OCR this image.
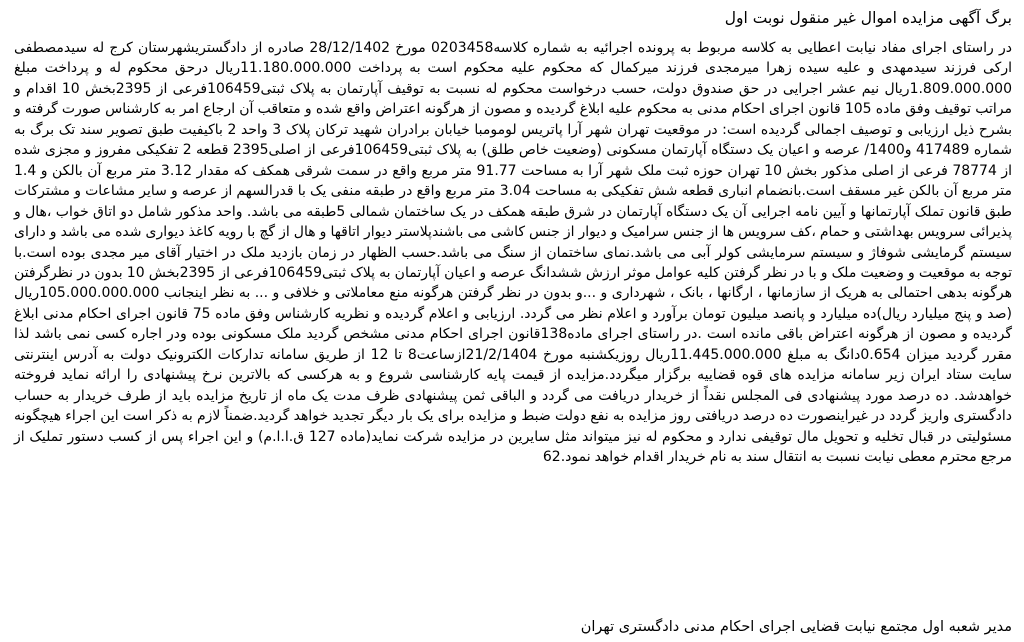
برگ آگهی مزایده اموال غیر منقول نوبت اول

در راستای اجرای مفاد نیابت اعطایی به کلاسه مربوط به پرونده اجرائیه به شماره کلاسه0203458 مورخ 28/12/1402 صادره از دادگستریشهرستان کرج له سیدمصطفی ارکی فرزند سیدمهدی و علیه سیده زهرا میرمجدی فرزند میرکمال که محکوم علیه محکوم است به پرداخت 11.180.000.000ریال درحق محکوم له و پرداخت مبلغ 1.809.000.000ریال نیم عشر اجرایی در حق صندوق دولت، حسب درخواست محکوم له نسبت به توقیف آپارتمان به پلاک ثبتی106459فرعی از 2395بخش 10 اقدام و مراتب توقیف وفق ماده 105 قانون اجرای احکام مدنی به محکوم علیه ابلاغ گردیده و مصون از هرگونه اعتراض واقع شده و متعاقب آن ارجاع امر به کارشناس صورت گرفته و بشرح ذیل ارزیابی و توصیف اجمالی گردیده است: در موقعیت تهران شهر آرا پاتریس لومومبا خیابان برادران شهید ترکان پلاک 3 واحد 2 باکیفیت طبق تصویر سند تک برگ به شماره 417489 و1400/ عرصه و اعیان یک دستگاه آپارتمان مسکونی (وضعیت خاص طلق) به پلاک ثبتی106459فرعی از اصلی2395 قطعه 2 تفکیکی مفروز و مجزی شده از 78774 فرعی از اصلی مذکور بخش 10 تهران حوزه ثبت ملک شهر آرا به مساحت 91.77 متر مربع واقع در سمت شرقی همکف که مقدار 3.12 متر مربع آن بالکن و 1.4 متر مربع آن بالکن غیر مسقف است.بانضمام انباری قطعه شش تفکیکی به مساحت 3.04 متر مربع واقع در طبقه منفی یک با قدرالسهم از عرصه و سایر مشاعات و مشترکات طبق قانون تملک آپارتمانها و آیین نامه اجرایی آن یک دستگاه آپارتمان در شرق طبقه همکف در یک ساختمان شمالی 5طبقه می باشد. واحد مذکور شامل دو اتاق خواب ،هال و پذیرائی سرویس بهداشتی و حمام ،کف سرویس ها از جنس سرامیک و دیوار از جنس کاشی می باشندپلاستر دیوار اتاقها و هال از گچ با رویه کاغذ دیواری شده می باشد و دارای سیستم گرمایشی شوفاژ و سیستم سرمایشی کولر آبی می باشد.نمای ساختمان از سنگ می باشد.حسب الظهار در زمان بازدید ملک در اختیار آقای میر مجدی بوده است.با توجه به موقعیت و وضعیت ملک و با در نظر گرفتن کلیه عوامل موثر ارزش ششدانگ عرصه و اعیان آپارتمان به پلاک ثبتی106459فرعی از 2395بخش 10 بدون در نظرگرفتن هرگونه بدهی احتمالی به هریک از سازمانها ، ارگانها ، بانک ، شهرداری و ...و بدون در نظر گرفتن هرگونه منع معاملاتی و خلافی و ... به نظر اینجانب 105.000.000.000ریال (صد و پنج میلیارد ریال)ده میلیارد و پانصد میلیون تومان برآورد و اعلام نظر می گردد. ارزیابی و اعلام گردیده و نظریه کارشناس وفق ماده 75 قانون اجرای احکام مدنی ابلاغ گردیده و مصون از هرگونه اعتراض باقی مانده است .در راستای اجرای ماده138قانون اجرای احکام مدنی مشخص گردید ملک مسکونی بوده ودر اجاره کسی نمی باشد لذا مقرر گردید میزان 0.654دانگ به مبلغ 11.445.000.000ریال روزیکشنبه مورخ 21/2/1404ازساعت8 تا 12 از طریق سامانه تدارکات الکترونیک دولت به آدرس اینترنتی سایت ستاد ایران زیر سامانه مزایده های قوه قضاییه برگزار میگردد.مزایده از قیمت پایه کارشناسی شروع و به هرکسی که بالاترین نرخ پیشنهادی را ارائه نماید فروخته خواهدشد. ده درصد مورد پیشنهادی فی المجلس نقداً از خریدار دریافت می گردد و الباقی ثمن پیشنهادی ظرف مدت یک ماه از تاریخ مزایده باید از طرف خریدار به حساب دادگستری واریز گردد در غیراینصورت ده درصد دریافتی روز مزایده به نفع دولت ضبط و مزایده برای یک بار دیگر تجدید خواهد گردید.ضمناً لازم به ذکر است این اجراء هیچگونه مسئولیتی در قبال تخلیه و تحویل مال توقیفی ندارد و محکوم له نیز میتواند مثل سایرین در مزایده شرکت نماید(ماده 127 ق.ا.ا.م) و این اجراء پس از کسب دستور تملیک از مرجع محترم معطی نیابت نسبت به انتقال سند به نام خریدار اقدام خواهد نمود.62

مدیر شعبه اول مجتمع نیابت قضایی اجرای احکام مدنی دادگستری تهران
